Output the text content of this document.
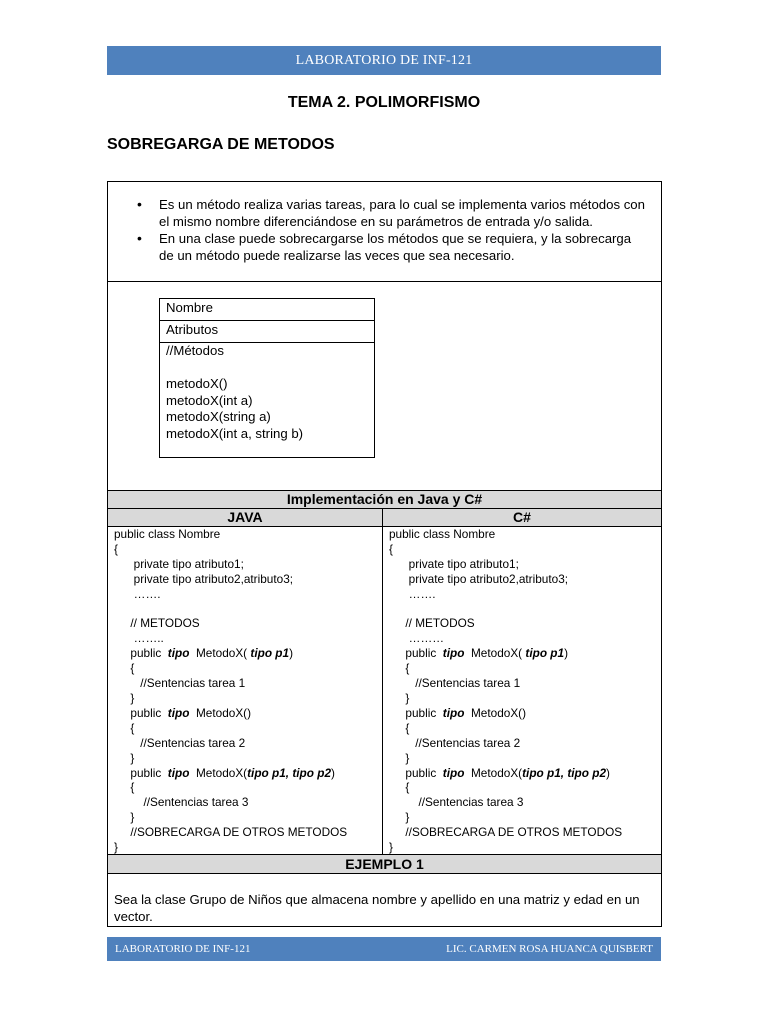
LABORATORIO DE INF-121
TEMA 2. POLIMORFISMO
SOBREGARGA DE METODOS
• Es un método realiza varias tareas, para lo cual se implementa varios métodos con el mismo nombre diferenciándose en su parámetros de entrada y/o salida.
• En una clase puede sobrecargarse los métodos que se requiera, y la sobrecarga de un método puede realizarse las veces que sea necesario.
Nombre
Atributos
//Métodos
metodoX()
metodoX(int a)
metodoX(string a)
metodoX(int a, string b)
Implementación en Java y C#
JAVA	C#
public class Nombre
{
private tipo atributo1;
private tipo atributo2,atributo3;
…….

// METODOS
……..
public tipo MetodoX( tipo p1)
{
//Sentencias tarea 1
}
public tipo MetodoX()
{
//Sentencias tarea 2
}
public tipo MetodoX(tipo p1, tipo p2)
{
//Sentencias tarea 3
}
//SOBRECARGA DE OTROS METODOS
}
public class Nombre
{
private tipo atributo1;
private tipo atributo2,atributo3;
…….

// METODOS
………
public tipo MetodoX( tipo p1)
{
//Sentencias tarea 1
}
public tipo MetodoX()
{
//Sentencias tarea 2
}
public tipo MetodoX(tipo p1, tipo p2)
{
//Sentencias tarea 3
}
//SOBRECARGA DE OTROS METODOS
}
EJEMPLO 1
Sea la clase Grupo de Niños que almacena nombre y apellido en una matriz y edad en un vector.
LABORATORIO DE INF-121	LIC. CARMEN ROSA HUANCA QUISBERT
